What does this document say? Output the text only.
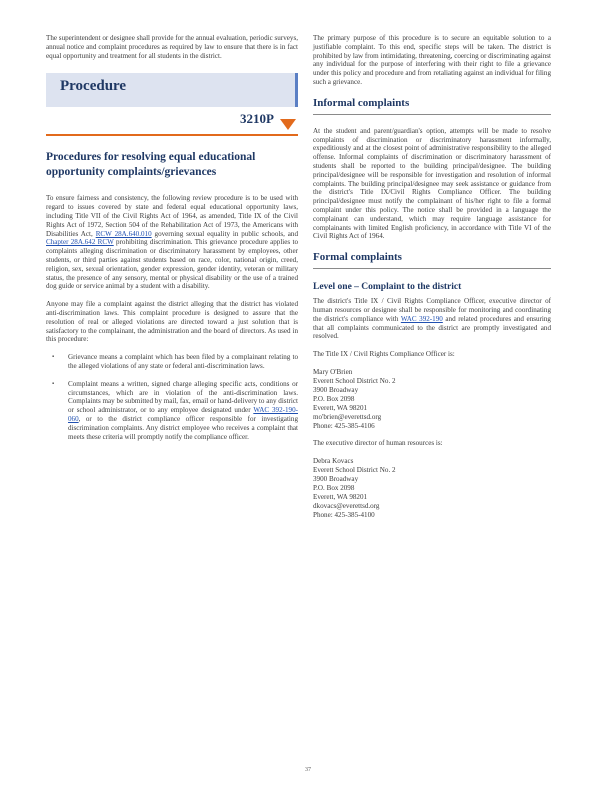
The superintendent or designee shall provide for the annual evaluation, periodic surveys, annual notice and complaint procedures as required by law to ensure that there is in fact equal opportunity and treatment for all students in the district.

Procedure
3210P
Procedures for resolving equal educational opportunity complaints/grievances

To ensure fairness and consistency, the following review procedure is to be used with regard to issues covered by state and federal equal educational opportunity laws, including Title VII of the Civil Rights Act of 1964, as amended, Title IX of the Civil Rights Act of 1972, Section 504 of the Rehabilitation Act of 1973, the Americans with Disabilities Act, RCW 28A.640.010 governing sexual equality in public schools, and Chapter 28A.642 RCW prohibiting discrimination. This grievance procedure applies to complaints alleging discrimination or discriminatory harassment by employees, other students, or third parties against students based on race, color, national origin, creed, religion, sex, sexual orientation, gender expression, gender identity, veteran or military status, the presence of any sensory, mental or physical disability or the use of a trained dog guide or service animal by a student with a disability.

Anyone may file a complaint against the district alleging that the district has violated anti-discrimination laws. This complaint procedure is designed to assure that the resolution of real or alleged violations are directed toward a just solution that is satisfactory to the complainant, the administration and the board of directors. As used in this procedure:

▪ Grievance means a complaint which has been filed by a complainant relating to the alleged violations of any state or federal anti-discrimination laws.
▪ Complaint means a written, signed charge alleging specific acts, conditions or circumstances, which are in violation of the anti-discrimination laws. Complaints may be submitted by mail, fax, email or hand-delivery to any district or school administrator, or to any employee designated under WAC 392-190-060, or to the district compliance officer responsible for investigating discrimination complaints. Any district employee who receives a complaint that meets these criteria will promptly notify the compliance officer.

The primary purpose of this procedure is to secure an equitable solution to a justifiable complaint. To this end, specific steps will be taken. The district is prohibited by law from intimidating, threatening, coercing or discriminating against any individual for the purpose of interfering with their right to file a grievance under this policy and procedure and from retaliating against an individual for filing such a grievance.

Informal complaints

At the student and parent/guardian's option, attempts will be made to resolve complaints of discrimination or discriminatory harassment informally, expeditiously and at the closest point of administrative responsibility to the alleged offense. Informal complaints of discrimination or discriminatory harassment of students shall be reported to the building principal/designee. The building principal/designee will be responsible for investigation and resolution of informal complaints. The building principal/designee may seek assistance or guidance from the district's Title IX/Civil Rights Compliance Officer. The building principal/designee must notify the complainant of his/her right to file a formal complaint under this policy. The notice shall be provided in a language the complainant can understand, which may require language assistance for complainants with limited English proficiency, in accordance with Title VI of the Civil Rights Act of 1964.

Formal complaints
Level one – Complaint to the district

The district's Title IX / Civil Rights Compliance Officer, executive director of human resources or designee shall be responsible for monitoring and coordinating the district's compliance with WAC 392-190 and related procedures and ensuring that all complaints communicated to the district are promptly investigated and resolved.

The Title IX / Civil Rights Compliance Officer is:

Mary O'Brien
Everett School District No. 2
3900 Broadway
P.O. Box 2098
Everett, WA 98201
mo'brien@everettsd.org
Phone: 425-385-4106

The executive director of human resources is:

Debra Kovacs
Everett School District No. 2
3900 Broadway
P.O. Box 2098
Everett, WA 98201
dkovacs@everettsd.org
Phone: 425-385-4100
37
